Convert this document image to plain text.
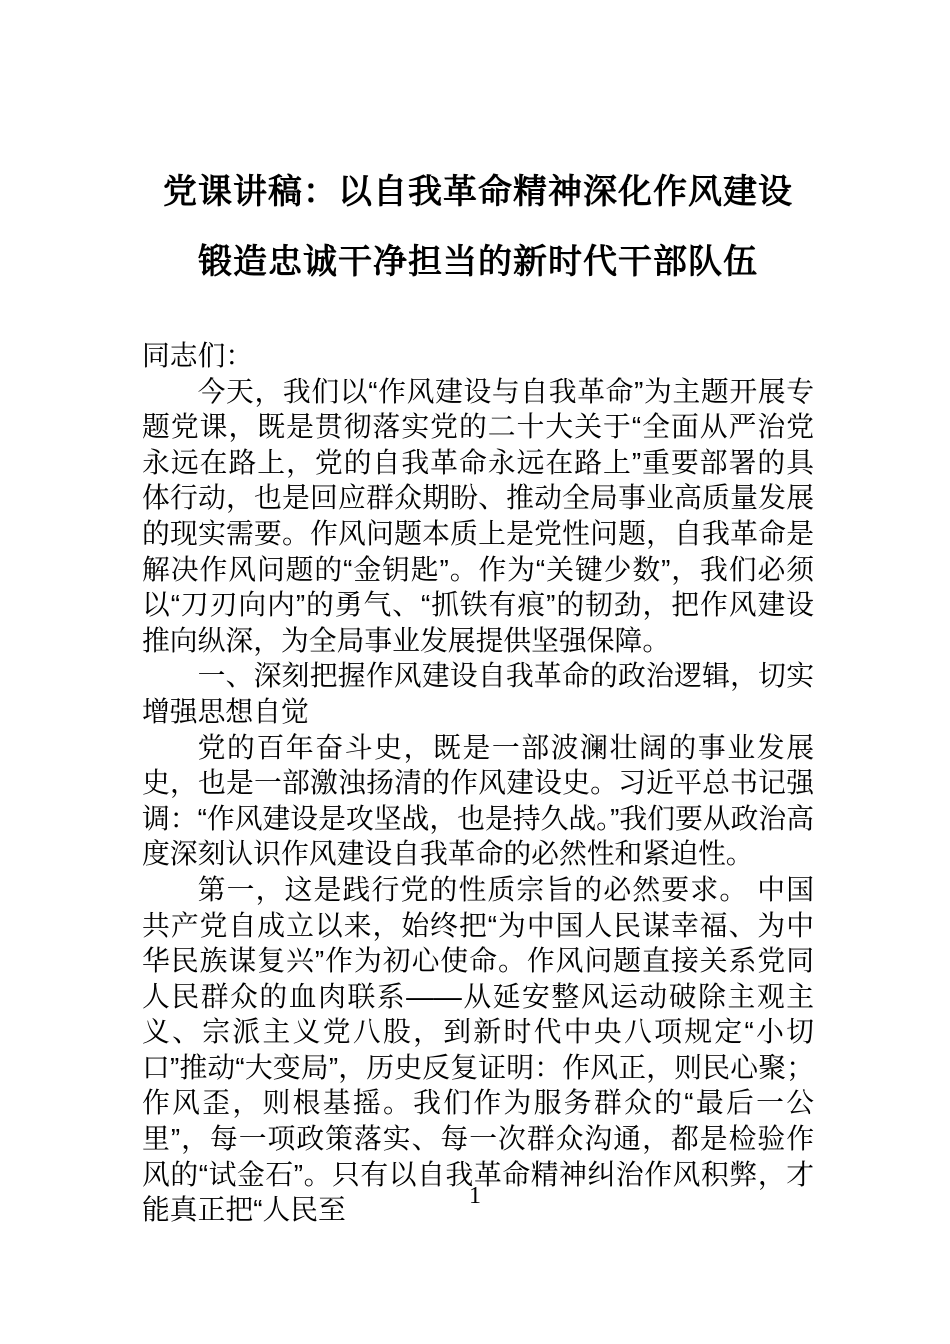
党课讲稿：以自我革命精神深化作风建设
锻造忠诚干净担当的新时代干部队伍

同志们：

今天，我们以“作风建设与自我革命”为主题开展专题党课，既是贯彻落实党的二十大关于“全面从严治党永远在路上，党的自我革命永远在路上”重要部署的具体行动，也是回应群众期盼、推动全局事业高质量发展的现实需要。作风问题本质上是党性问题，自我革命是解决作风问题的“金钥匙”。作为“关键少数”，我们必须以“刀刃向内”的勇气、“抓铁有痕”的韧劲，把作风建设推向纵深，为全局事业发展提供坚强保障。

一、深刻把握作风建设自我革命的政治逻辑，切实增强思想自觉

党的百年奋斗史，既是一部波澜壮阔的事业发展史，也是一部激浊扬清的作风建设史。习近平总书记强调：“作风建设是攻坚战，也是持久战。”我们要从政治高度深刻认识作风建设自我革命的必然性和紧迫性。

第一，这是践行党的性质宗旨的必然要求。 中国共产党自成立以来，始终把“为中国人民谋幸福、为中华民族谋复兴”作为初心使命。作风问题直接关系党同人民群众的血肉联系——从延安整风运动破除主观主义、宗派主义党八股，到新时代中央八项规定“小切口”推动“大变局”，历史反复证明：作风正，则民心聚；作风歪，则根基摇。我们作为服务群众的“最后一公里”，每一项政策落实、每一次群众沟通，都是检验作风的“试金石”。只有以自我革命精神纠治作风积弊，才能真正把“人民至	1
